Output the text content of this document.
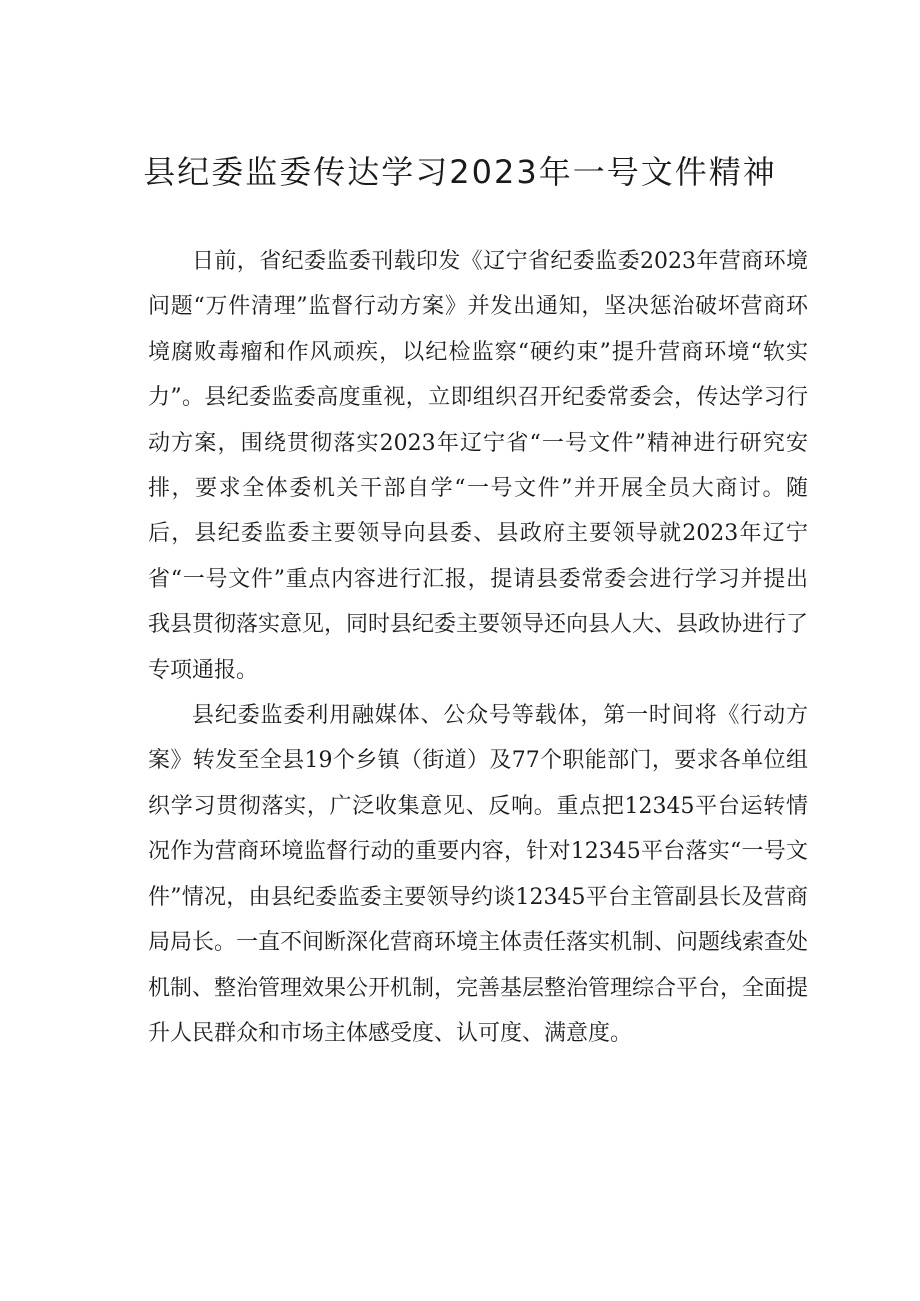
县纪委监委传达学习2023年一号文件精神

日前，省纪委监委刊载印发《辽宁省纪委监委2023年营商环境问题“万件清理”监督行动方案》并发出通知，坚决惩治破坏营商环境腐败毒瘤和作风顽疾，以纪检监察“硬约束”提升营商环境“软实力”。县纪委监委高度重视，立即组织召开纪委常委会，传达学习行动方案，围绕贯彻落实2023年辽宁省“一号文件”精神进行研究安排，要求全体委机关干部自学“一号文件”并开展全员大商讨。随后，县纪委监委主要领导向县委、县政府主要领导就2023年辽宁省“一号文件”重点内容进行汇报，提请县委常委会进行学习并提出我县贯彻落实意见，同时县纪委主要领导还向县人大、县政协进行了专项通报。

县纪委监委利用融媒体、公众号等载体，第一时间将《行动方案》转发至全县19个乡镇（街道）及77个职能部门，要求各单位组织学习贯彻落实，广泛收集意见、反响。重点把12345平台运转情况作为营商环境监督行动的重要内容，针对12345平台落实“一号文件”情况，由县纪委监委主要领导约谈12345平台主管副县长及营商局局长。一直不间断深化营商环境主体责任落实机制、问题线索查处机制、整治管理效果公开机制，完善基层整治管理综合平台，全面提升人民群众和市场主体感受度、认可度、满意度。
